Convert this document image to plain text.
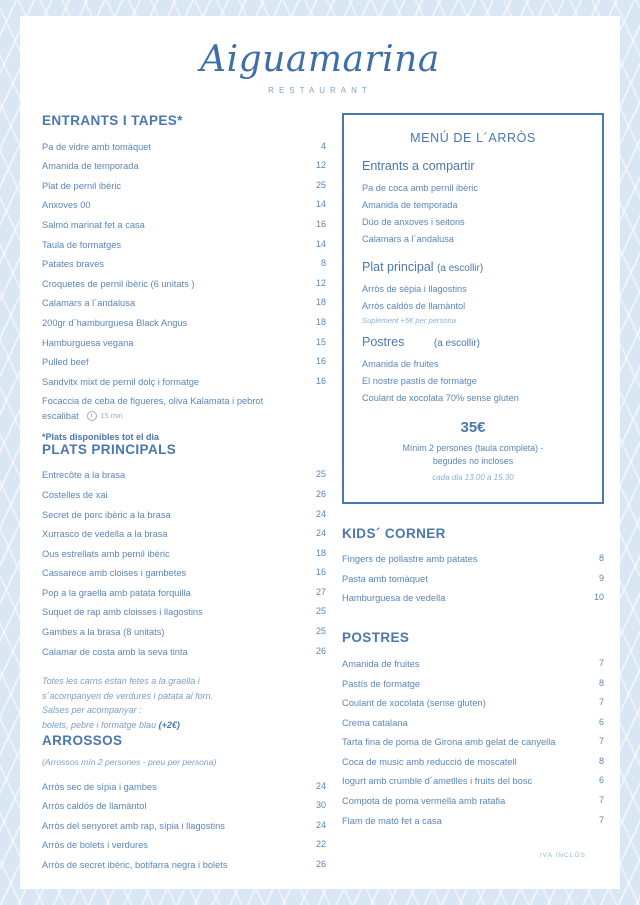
Aiguamarina
RESTAURANT
ENTRANTS I TAPES*
Pa de vidre amb tomàquet	4
Amanida de temporada	12
Plat de pernil ibèric	25
Anxoves 00	14
Salmó marinat fet a casa	16
Taula de formatges	14
Patates braves	8
Croquetes de pernil ibèric (6 unitats )	12
Calamars a l´andalusa	18
200gr d´hamburguesa Black Angus	18
Hamburguesa vegana	15
Pulled beef	16
Sandvitx mixt de pernil dolç i formatge	16
Focaccia de ceba de figueres, oliva Kalamata i pebrot escalibat	15 min
*Plats disponibles tot el dia
PLATS PRINCIPALS
Entrecôte a la brasa	25
Costelles de xai	26
Secret de porc ibèric a la brasa	24
Xurrasco de vedella a la brasa	24
Ous estrellats amb pernil ibèric	18
Cassarece amb cloises i gambetes	16
Pop a la graella amb patata forquilla	27
Suquet de rap amb cloisses i llagostins	25
Gambes a la brasa (8 unitats)	25
Calamar de costa amb la seva tinta	26
Totes les carns estan fetes a la graella i
s´acompanyen de verdures i patata al forn.
Salses per acompanyar :
bolets, pebre i formatge blau (+2€)
ARROSSOS
(Arrossos mín 2 persones - preu per persona)
Arròs sec de sípia i gambes	24
Arròs caldós de llamàntol	30
Arròs del senyoret amb rap, sípia i llagostins	24
Arròs de bolets i verdures	22
Arròs de secret ibèric, botifarra negra i bolets	26
MENÚ DE L´ARRÒS
Entrants a compartir
Pa de coca amb pernil ibèric
Amanida de temporada
Dúo de anxoves i seitons
Calamars a l´andalusa
Plat principal (a escollir)
Arròs de sèpia i llagostins
Arròs caldós de llamàntol
Suplement +5€ per persona
Postres	(a escollir)
Amanida de fruites
El nostre pastís de formatge
Coulant de xocolata 70% sense gluten
35€
Mínim 2 persones (taula completa) -
begudes no incloses
cada dia 13.00 a 15.30
KIDS´ CORNER
Fingers de pollastre amb patates	8
Pasta amb tomàquet	9
Hamburguesa de vedella	10
POSTRES
Amanida de fruites	7
Pastís de formatge	8
Coulant de xocolata (sense gluten)	7
Crema catalana	6
Tarta fina de poma de Girona amb gelat de canyella	7
Coca de music amb reducció de moscatell	8
Iogurt amb crumble d´ametlles i fruits del bosc	6
Compota de poma vermella amb ratafia	7
Flam de mató fet a casa	7
IVA INCLÒS
